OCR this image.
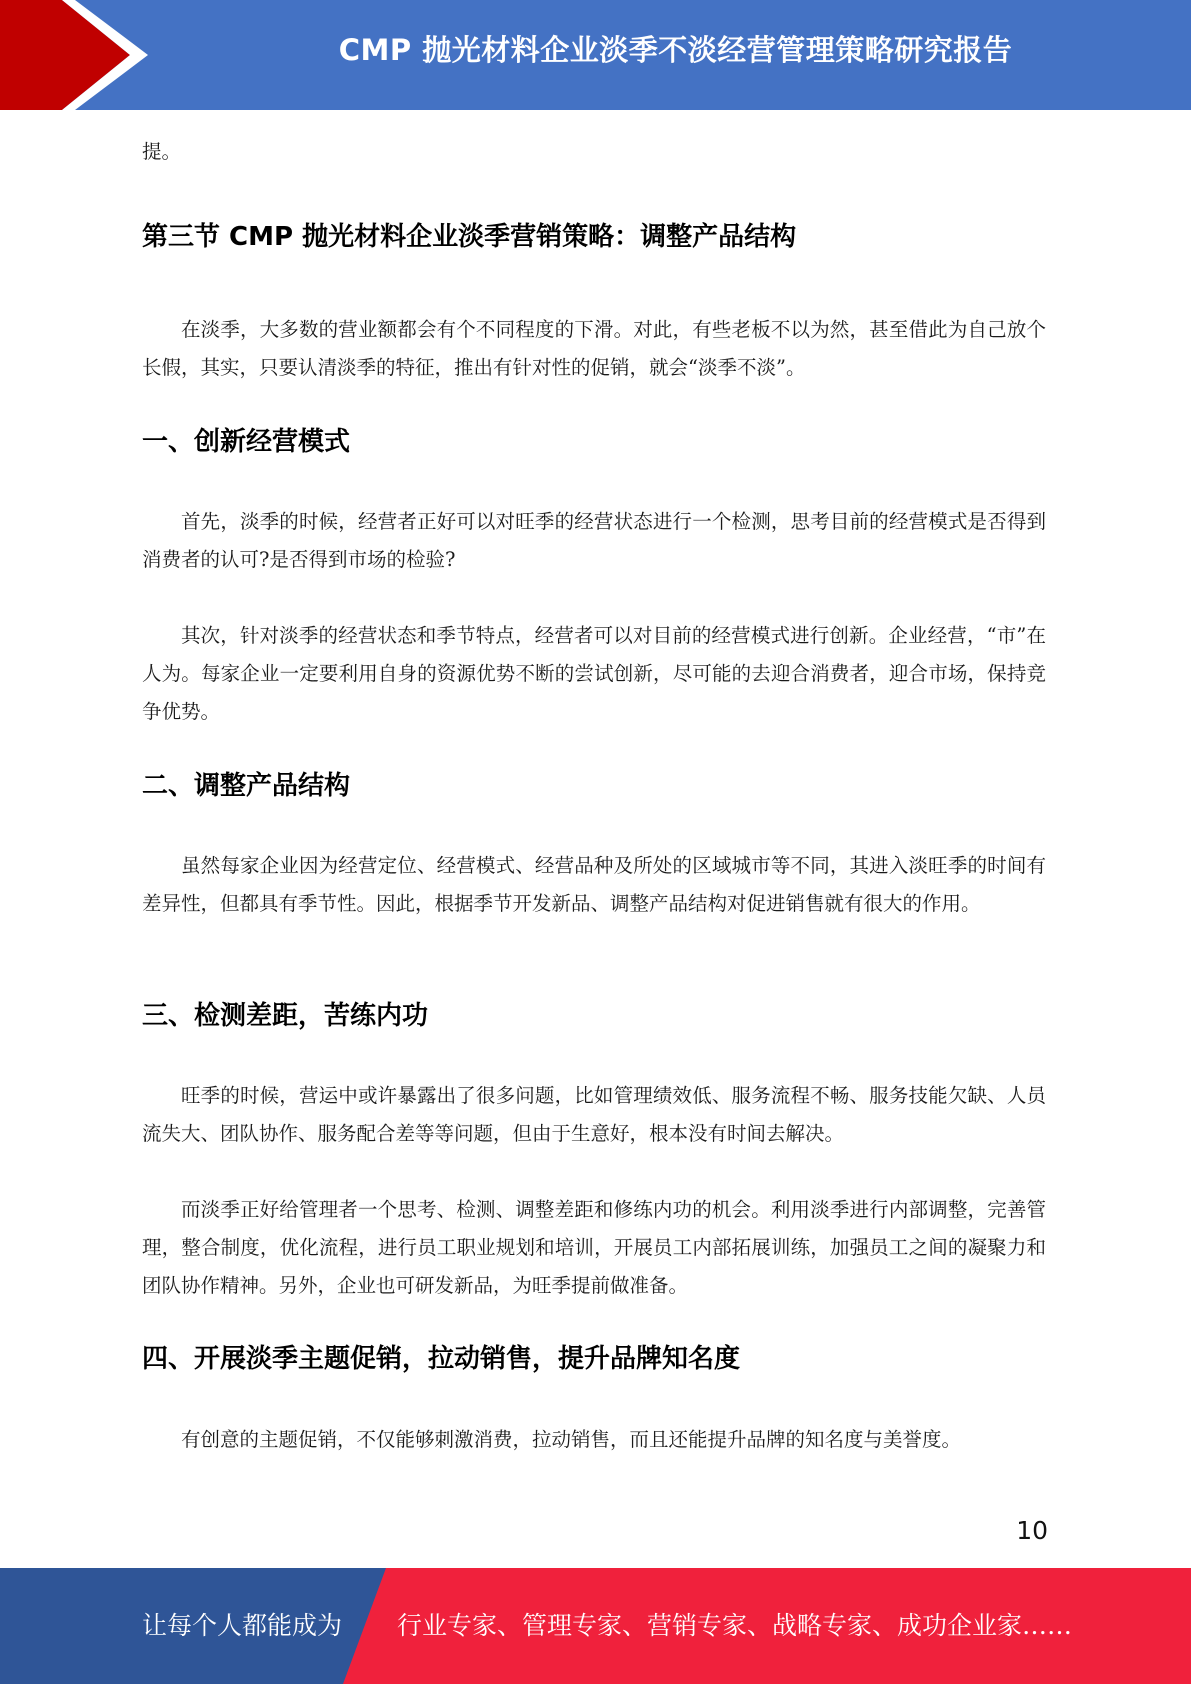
CMP 抛光材料企业淡季不淡经营管理策略研究报告

提。

第三节 CMP 抛光材料企业淡季营销策略：调整产品结构

在淡季，大多数的营业额都会有个不同程度的下滑。对此，有些老板不以为然，甚至借此为自己放个长假，其实，只要认清淡季的特征，推出有针对性的促销，就会“淡季不淡”。

一、创新经营模式

首先，淡季的时候，经营者正好可以对旺季的经营状态进行一个检测，思考目前的经营模式是否得到消费者的认可?是否得到市场的检验?

其次，针对淡季的经营状态和季节特点，经营者可以对目前的经营模式进行创新。企业经营，“市”在人为。每家企业一定要利用自身的资源优势不断的尝试创新，尽可能的去迎合消费者，迎合市场，保持竞争优势。

二、调整产品结构

虽然每家企业因为经营定位、经营模式、经营品种及所处的区域城市等不同，其进入淡旺季的时间有差异性，但都具有季节性。因此，根据季节开发新品、调整产品结构对促进销售就有很大的作用。

三、检测差距，苦练内功

旺季的时候，营运中或许暴露出了很多问题，比如管理绩效低、服务流程不畅、服务技能欠缺、人员流失大、团队协作、服务配合差等等问题，但由于生意好，根本没有时间去解决。

而淡季正好给管理者一个思考、检测、调整差距和修练内功的机会。利用淡季进行内部调整，完善管理，整合制度，优化流程，进行员工职业规划和培训，开展员工内部拓展训练，加强员工之间的凝聚力和团队协作精神。另外，企业也可研发新品，为旺季提前做准备。

四、开展淡季主题促销，拉动销售，提升品牌知名度

有创意的主题促销，不仅能够刺激消费，拉动销售，而且还能提升品牌的知名度与美誉度。

10
让每个人都能成为 行业专家、管理专家、营销专家、战略专家、成功企业家……
